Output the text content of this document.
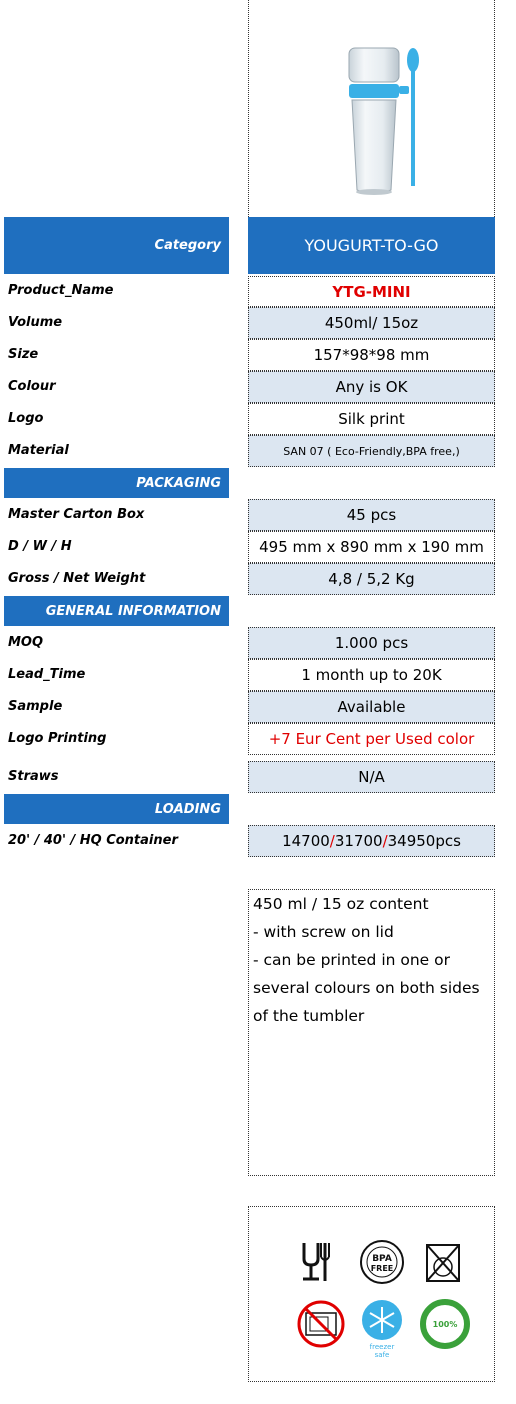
Category	YOUGURT-TO-GO
Product_Name	YTG-MINI
Volume	450ml/ 15oz
Size	157*98*98 mm
Colour	Any is OK
Logo	Silk print
Material	SAN 07 ( Eco-Friendly,BPA free,)
PACKAGING
Master Carton Box	45 pcs
D / W / H	495 mm x 890 mm x 190 mm
Gross / Net Weight	4,8 / 5,2 Kg
GENERAL INFORMATION
MOQ	1.000 pcs
Lead_Time	1 month up to 20K
Sample	Available
Logo Printing	+7 Eur Cent per Used color
Straws	N/A
LOADING
20' / 40' / HQ Container	14700 / 31700 / 34950pcs
450 ml / 15 oz content
- with screw on lid
- can be printed in one or
several colours on both sides
of the tumbler
BPA
FREE
freezer
safe
100%
